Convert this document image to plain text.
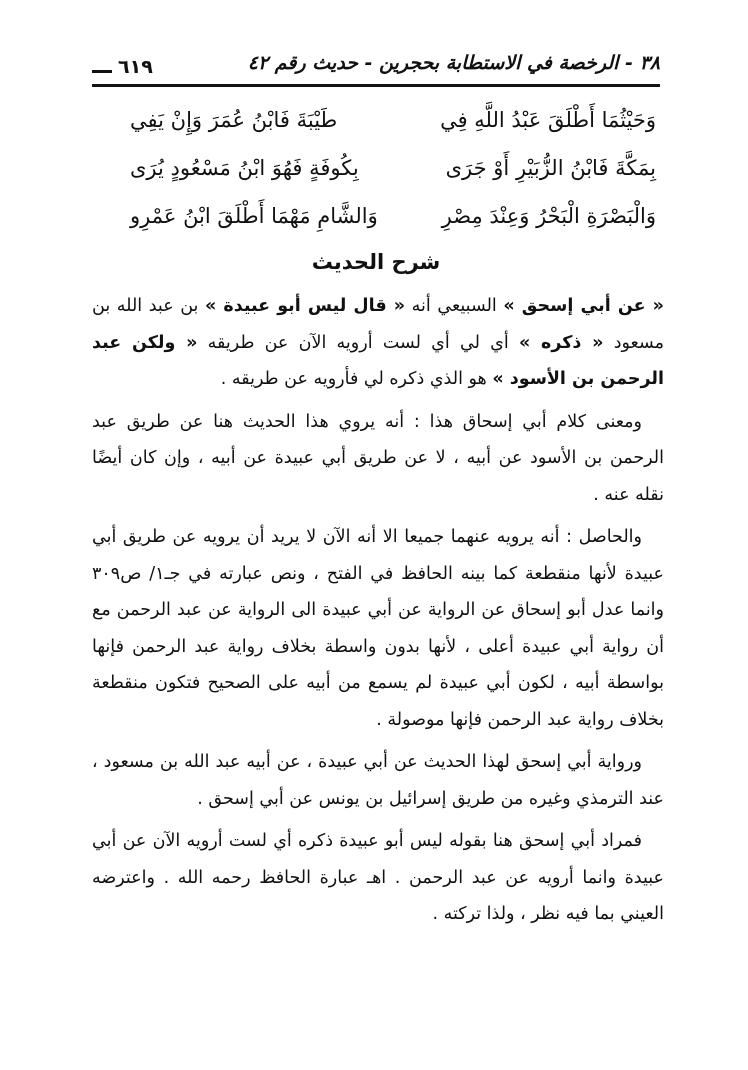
٣٨ - الرخصة في الاستطابة بحجرين - حديث رقم ٤٢
٦١٩
وَحَيْثُمَا أَطْلَقَ عَبْدُ اللَّهِ فِي
طَيْبَةَ فَابْنُ عُمَرَ وَإِنْ يَفِي
بِمَكَّةَ فَابْنُ الزُّبَيْرِ أَوْ جَرَى
بِكُوفَةٍ فَهُوَ ابْنُ مَسْعُودٍ يُرَى
وَالْبَصْرَةِ الْبَحْرُ وَعِنْدَ مِصْرِ
وَالشَّامِ مَهْمَا أَطْلَقَ ابْنُ عَمْرِو
شرح الحديث

« عن أبي إسحق » السبيعي أنه « قال ليس أبو عبيدة » بن عبد الله بن مسعود « ذكره » أي لي أي لست أرويه الآن عن طريقه « ولكن عبد الرحمن بن الأسود » هو الذي ذكره لي فأرويه عن طريقه .

ومعنى كلام أبي إسحاق هذا : أنه يروي هذا الحديث هنا عن طريق عبد الرحمن بن الأسود عن أبيه ، لا عن طريق أبي عبيدة عن أبيه ، وإن كان أيضًا نقله عنه .

والحاصل : أنه يرويه عنهما جميعا الا أنه الآن لا يريد أن يرويه عن طريق أبي عبيدة لأنها منقطعة كما بينه الحافظ في الفتح ، ونص عبارته في جـ١/ ص٣٠٩ وانما عدل أبو إسحاق عن الرواية عن أبي عبيدة الى الرواية عن عبد الرحمن مع أن رواية أبي عبيدة أعلى ، لأنها بدون واسطة بخلاف رواية عبد الرحمن فإنها بواسطة أبيه ، لكون أبي عبيدة لم يسمع من أبيه على الصحيح فتكون منقطعة بخلاف رواية عبد الرحمن فإنها موصولة .

ورواية أبي إسحق لهذا الحديث عن أبي عبيدة ، عن أبيه عبد الله بن مسعود ، عند الترمذي وغيره من طريق إسرائيل بن يونس عن أبي إسحق .

فمراد أبي إسحق هنا بقوله ليس أبو عبيدة ذكره أي لست أرويه الآن عن أبي عبيدة وانما أرويه عن عبد الرحمن . اهـ عبارة الحافظ رحمه الله . واعترضه العيني بما فيه نظر ، ولذا تركته .
